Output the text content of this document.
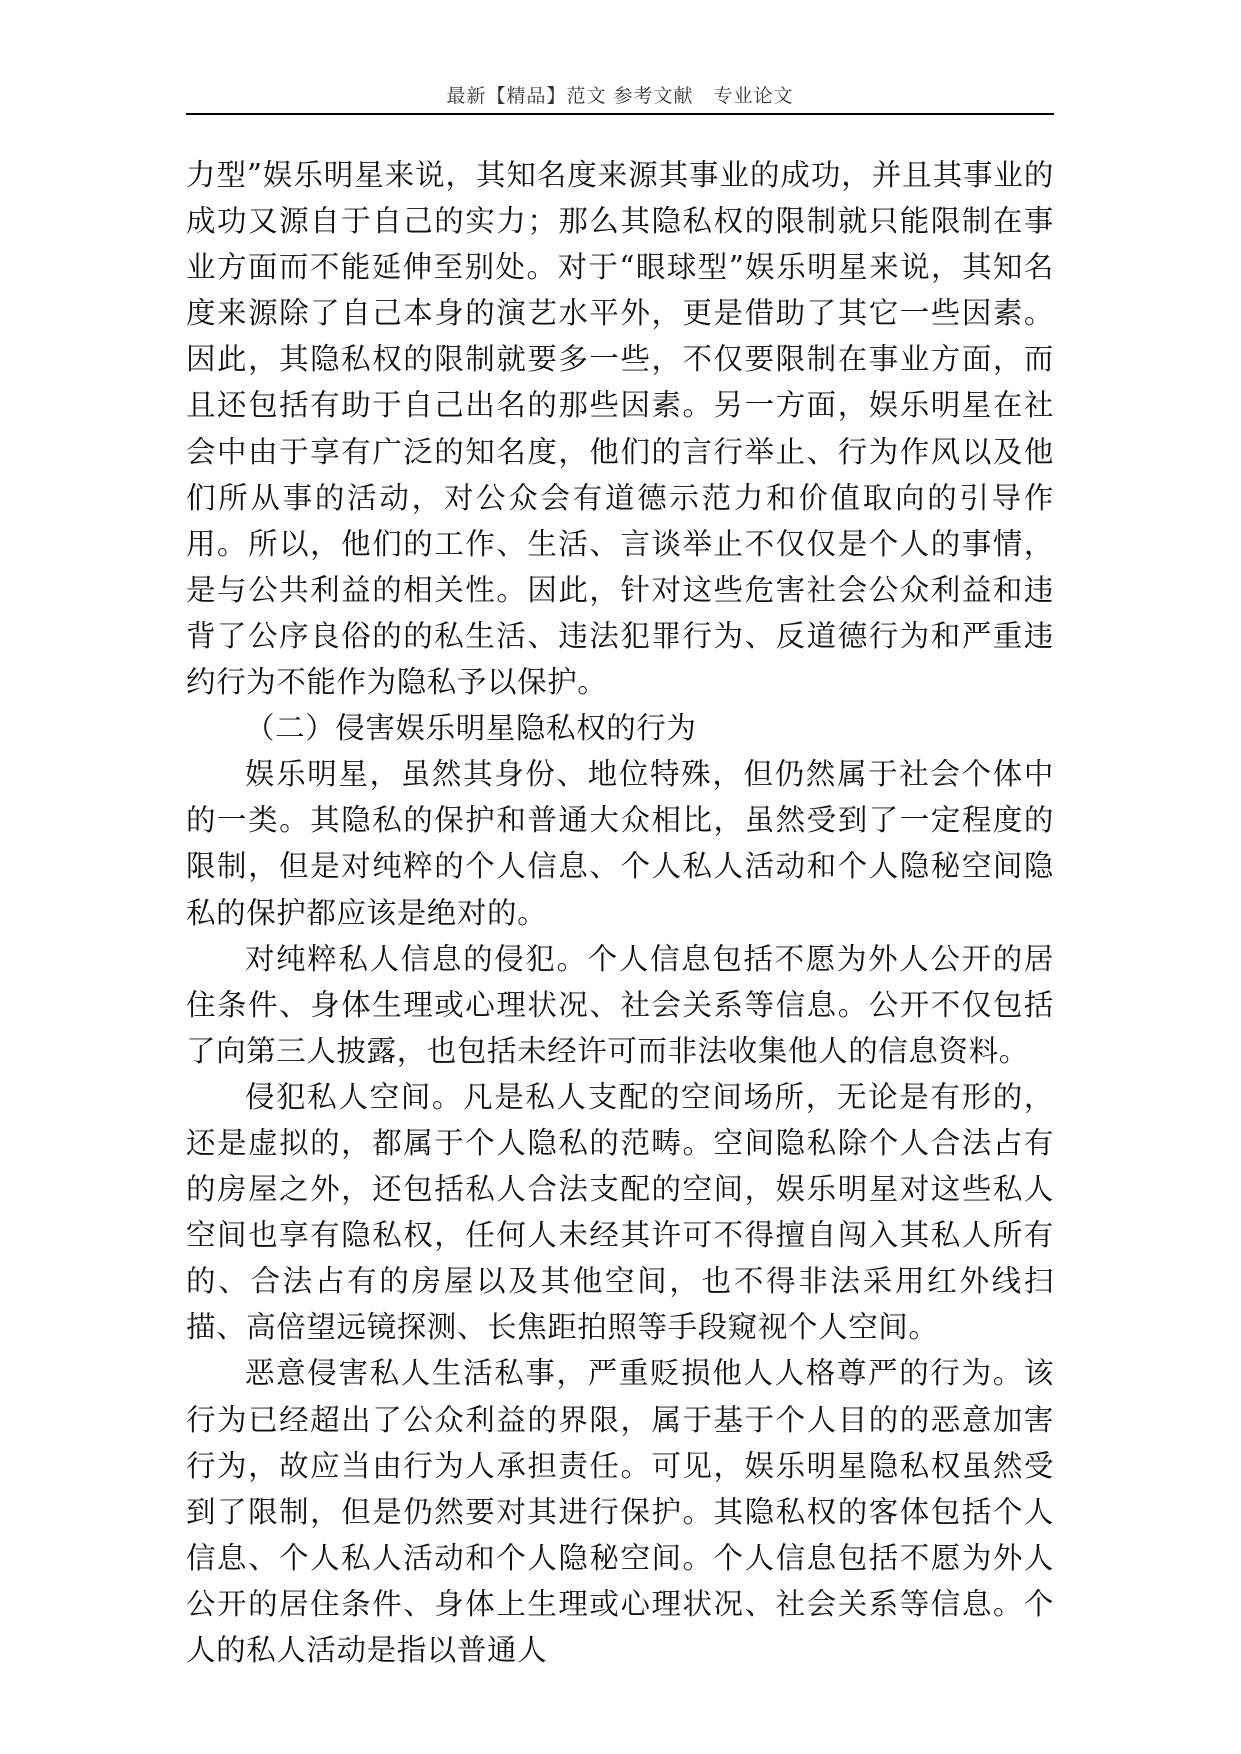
最新【精品】范文 参考文献　专业论文

力型”娱乐明星来说，其知名度来源其事业的成功，并且其事业的成功又源自于自己的实力；那么其隐私权的限制就只能限制在事业方面而不能延伸至别处。对于“眼球型”娱乐明星来说，其知名度来源除了自己本身的演艺水平外，更是借助了其它一些因素。因此，其隐私权的限制就要多一些，不仅要限制在事业方面，而且还包括有助于自己出名的那些因素。另一方面，娱乐明星在社会中由于享有广泛的知名度，他们的言行举止、行为作风以及他们所从事的活动，对公众会有道德示范力和价值取向的引导作用。所以，他们的工作、生活、言谈举止不仅仅是个人的事情，是与公共利益的相关性。因此，针对这些危害社会公众利益和违背了公序良俗的的私生活、违法犯罪行为、反道德行为和严重违约行为不能作为隐私予以保护。

（二）侵害娱乐明星隐私权的行为

娱乐明星，虽然其身份、地位特殊，但仍然属于社会个体中的一类。其隐私的保护和普通大众相比，虽然受到了一定程度的限制，但是对纯粹的个人信息、个人私人活动和个人隐秘空间隐私的保护都应该是绝对的。

对纯粹私人信息的侵犯。个人信息包括不愿为外人公开的居住条件、身体生理或心理状况、社会关系等信息。公开不仅包括了向第三人披露，也包括未经许可而非法收集他人的信息资料。

侵犯私人空间。凡是私人支配的空间场所，无论是有形的，还是虚拟的，都属于个人隐私的范畴。空间隐私除个人合法占有的房屋之外，还包括私人合法支配的空间，娱乐明星对这些私人空间也享有隐私权，任何人未经其许可不得擅自闯入其私人所有的、合法占有的房屋以及其他空间，也不得非法采用红外线扫描、高倍望远镜探测、长焦距拍照等手段窥视个人空间。

恶意侵害私人生活私事，严重贬损他人人格尊严的行为。该行为已经超出了公众利益的界限，属于基于个人目的的恶意加害行为，故应当由行为人承担责任。可见，娱乐明星隐私权虽然受到了限制，但是仍然要对其进行保护。其隐私权的客体包括个人信息、个人私人活动和个人隐秘空间。个人信息包括不愿为外人公开的居住条件、身体上生理或心理状况、社会关系等信息。个人的私人活动是指以普通人
